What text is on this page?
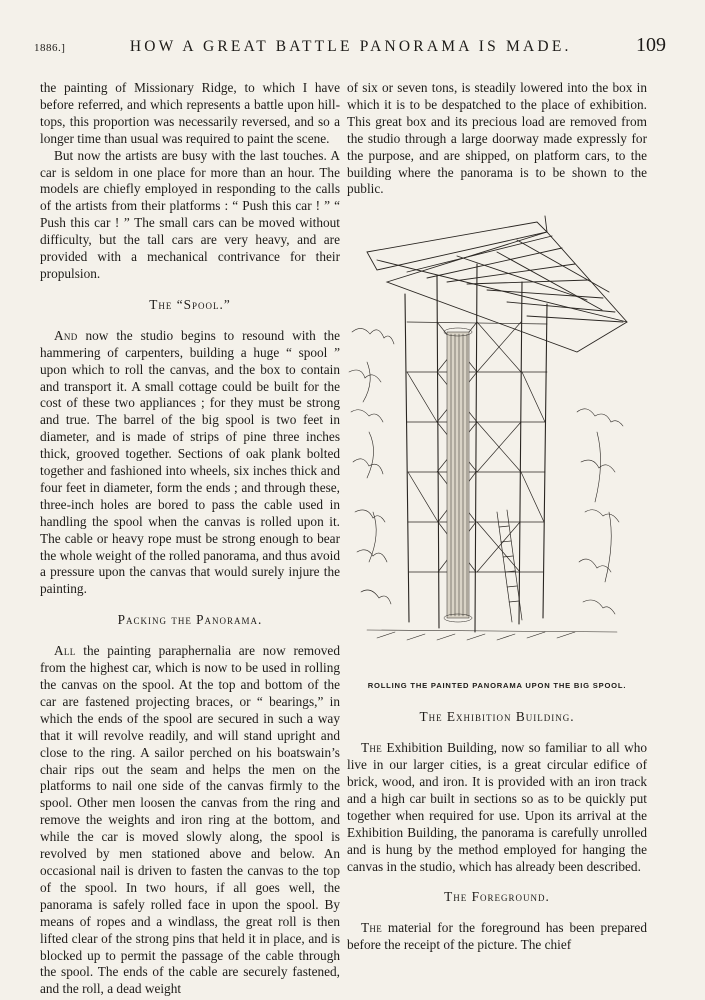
1886.]	HOW A GREAT BATTLE PANORAMA IS MADE.	109

the painting of Missionary Ridge, to which I have before referred, and which represents a battle upon hill-tops, this proportion was necessarily reversed, and so a longer time than usual was required to paint the scene.

But now the artists are busy with the last touches. A car is seldom in one place for more than an hour. The models are chiefly employed in responding to the calls of the artists from their platforms : “ Push this car ! ” “ Push this car ! ” The small cars can be moved without difficulty, but the tall cars are very heavy, and are provided with a mechanical contrivance for their propulsion.

The “Spool.”

And now the studio begins to resound with the hammering of carpenters, building a huge “ spool ” upon which to roll the canvas, and the box to contain and transport it. A small cottage could be built for the cost of these two appliances ; for they must be strong and true. The barrel of the big spool is two feet in diameter, and is made of strips of pine three inches thick, grooved together. Sections of oak plank bolted together and fashioned into wheels, six inches thick and four feet in diameter, form the ends ; and through these, three-inch holes are bored to pass the cable used in handling the spool when the canvas is rolled upon it. The cable or heavy rope must be strong enough to bear the whole weight of the rolled panorama, and thus avoid a pressure upon the canvas that would surely injure the painting.

Packing the Panorama.

All the painting paraphernalia are now removed from the highest car, which is now to be used in rolling the canvas on the spool. At the top and bottom of the car are fastened projecting braces, or “ bearings,” in which the ends of the spool are secured in such a way that it will revolve readily, and will stand upright and close to the ring. A sailor perched on his boatswain’s chair rips out the seam and helps the men on the platforms to nail one side of the canvas firmly to the spool. Other men loosen the canvas from the ring and remove the weights and iron ring at the bottom, and while the car is moved slowly along, the spool is revolved by men stationed above and below. An occasional nail is driven to fasten the canvas to the top of the spool. In two hours, if all goes well, the panorama is safely rolled face in upon the spool. By means of ropes and a windlass, the great roll is then lifted clear of the strong pins that held it in place, and is blocked up to permit the passage of the cable through the spool. The ends of the cable are securely fastened, and the roll, a dead weight

of six or seven tons, is steadily lowered into the box in which it is to be despatched to the place of exhibition. This great box and its precious load are removed from the studio through a large doorway made expressly for the purpose, and are shipped, on platform cars, to the building where the panorama is to be shown to the public.

ROLLING THE PAINTED PANORAMA UPON THE BIG SPOOL.
The Exhibition Building.

The Exhibition Building, now so familiar to all who live in our larger cities, is a great circular edifice of brick, wood, and iron. It is provided with an iron track and a high car built in sections so as to be quickly put together when required for use. Upon its arrival at the Exhibition Building, the panorama is carefully unrolled and is hung by the method employed for hanging the canvas in the studio, which has already been described.

The Foreground.

The material for the foreground has been prepared before the receipt of the picture. The chief
